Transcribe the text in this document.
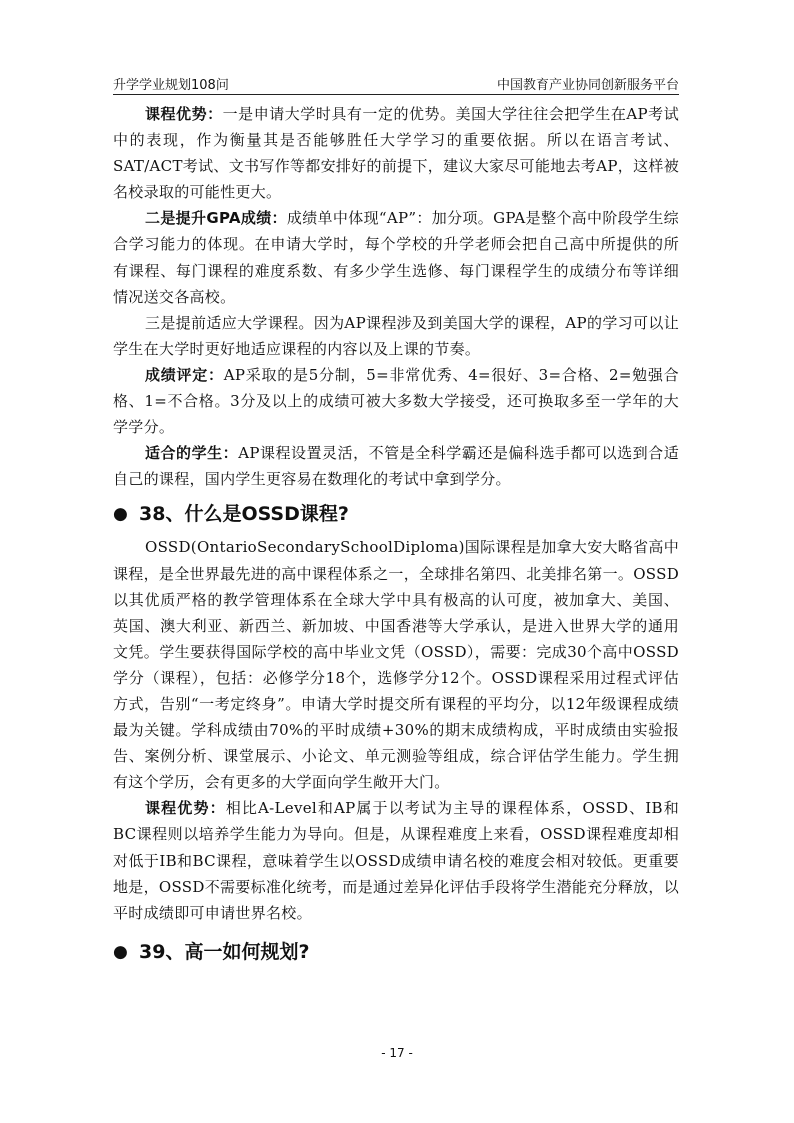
升学学业规划108问	中国教育产业协同创新服务平台

课程优势：一是申请大学时具有一定的优势。美国大学往往会把学生在AP考试中的表现，作为衡量其是否能够胜任大学学习的重要依据。所以在语言考试、SAT/ACT考试、文书写作等都安排好的前提下，建议大家尽可能地去考AP，这样被名校录取的可能性更大。

二是提升GPA成绩：成绩单中体现“AP”：加分项。GPA是整个高中阶段学生综合学习能力的体现。在申请大学时，每个学校的升学老师会把自己高中所提供的所有课程、每门课程的难度系数、有多少学生选修、每门课程学生的成绩分布等详细情况送交各高校。

三是提前适应大学课程。因为AP课程涉及到美国大学的课程，AP的学习可以让学生在大学时更好地适应课程的内容以及上课的节奏。

成绩评定：AP采取的是5分制，5=非常优秀、4=很好、3=合格、2=勉强合格、1=不合格。3分及以上的成绩可被大多数大学接受，还可换取多至一学年的大学学分。

适合的学生：AP课程设置灵活，不管是全科学霸还是偏科选手都可以选到合适自己的课程，国内学生更容易在数理化的考试中拿到学分。

● 38、什么是OSSD课程?

OSSD(OntarioSecondarySchoolDiploma)国际课程是加拿大安大略省高中课程，是全世界最先进的高中课程体系之一，全球排名第四、北美排名第一。OSSD以其优质严格的教学管理体系在全球大学中具有极高的认可度，被加拿大、美国、英国、澳大利亚、新西兰、新加坡、中国香港等大学承认，是进入世界大学的通用文凭。学生要获得国际学校的高中毕业文凭（OSSD），需要：完成30个高中OSSD学分（课程），包括：必修学分18个，选修学分12个。OSSD课程采用过程式评估方式，告别“一考定终身”。申请大学时提交所有课程的平均分，以12年级课程成绩最为关键。学科成绩由70%的平时成绩+30%的期末成绩构成，平时成绩由实验报告、案例分析、课堂展示、小论文、单元测验等组成，综合评估学生能力。学生拥有这个学历，会有更多的大学面向学生敞开大门。

课程优势：相比A-Level和AP属于以考试为主导的课程体系，OSSD、IB和BC课程则以培养学生能力为导向。但是，从课程难度上来看，OSSD课程难度却相对低于IB和BC课程，意味着学生以OSSD成绩申请名校的难度会相对较低。更重要地是，OSSD不需要标准化统考，而是通过差异化评估手段将学生潜能充分释放，以平时成绩即可申请世界名校。

● 39、高一如何规划?
- 17 -
